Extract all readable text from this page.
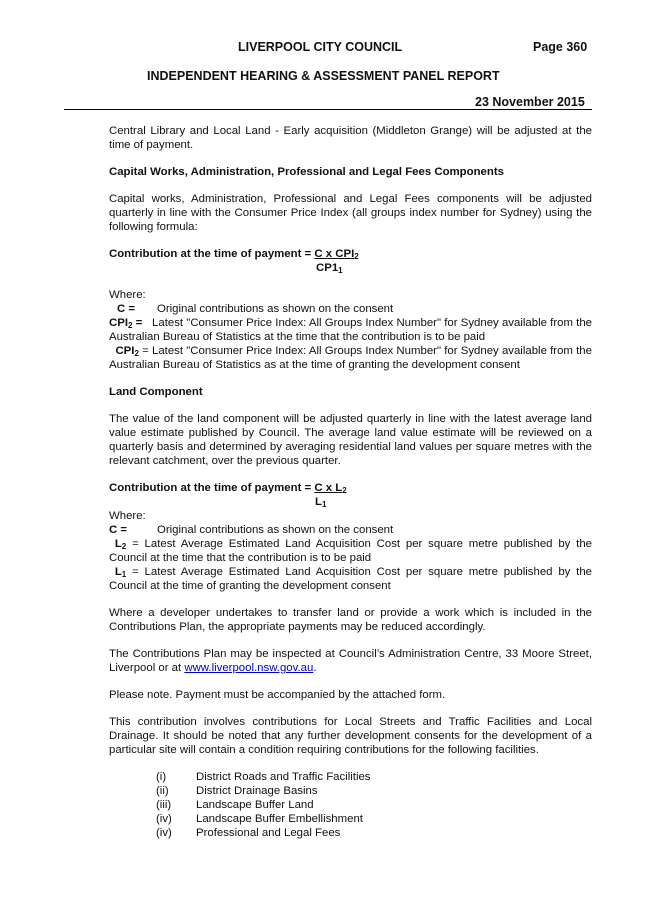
LIVERPOOL CITY COUNCIL	Page 360
INDEPENDENT HEARING & ASSESSMENT PANEL REPORT
23 November 2015

Central Library and Local Land - Early acquisition (Middleton Grange) will be adjusted at the time of payment.

Capital Works, Administration, Professional and Legal Fees Components

Capital works, Administration, Professional and Legal Fees components will be adjusted quarterly in line with the Consumer Price Index (all groups index number for Sydney) using the following formula:

Contribution at the time of payment = C x $CPI_2$
$CP1_1$
Where:
C = Original contributions as shown on the consent

$CPI_2$ = Latest "Consumer Price Index: All Groups Index Number" for Sydney available from the Australian Bureau of Statistics at the time that the contribution is to be paid

$CPI_2$ = Latest "Consumer Price Index: All Groups Index Number" for Sydney available from the Australian Bureau of Statistics as at the time of granting the development consent

Land Component

The value of the land component will be adjusted quarterly in line with the latest average land value estimate published by Council. The average land value estimate will be reviewed on a quarterly basis and determined by averaging residential land values per square metres with the relevant catchment, over the previous quarter.

Contribution at the time of payment = C x $L_2$
$L_1$
Where:
C =	Original contributions as shown on the consent

$L_2$ = Latest Average Estimated Land Acquisition Cost per square metre published by the Council at the time that the contribution is to be paid

$L_1$ = Latest Average Estimated Land Acquisition Cost per square metre published by the Council at the time of granting the development consent

Where a developer undertakes to transfer land or provide a work which is included in the Contributions Plan, the appropriate payments may be reduced accordingly.

The Contributions Plan may be inspected at Council’s Administration Centre, 33 Moore Street, Liverpool or at www.liverpool.nsw.gov.au.

Please note. Payment must be accompanied by the attached form.

This contribution involves contributions for Local Streets and Traffic Facilities and Local Drainage. It should be noted that any further development consents for the development of a particular site will contain a condition requiring contributions for the following facilities.

(i)	District Roads and Traffic Facilities
(ii) District Drainage Basins
(iii) Landscape Buffer Land
(iv) Landscape Buffer Embellishment
(iv) Professional and Legal Fees
